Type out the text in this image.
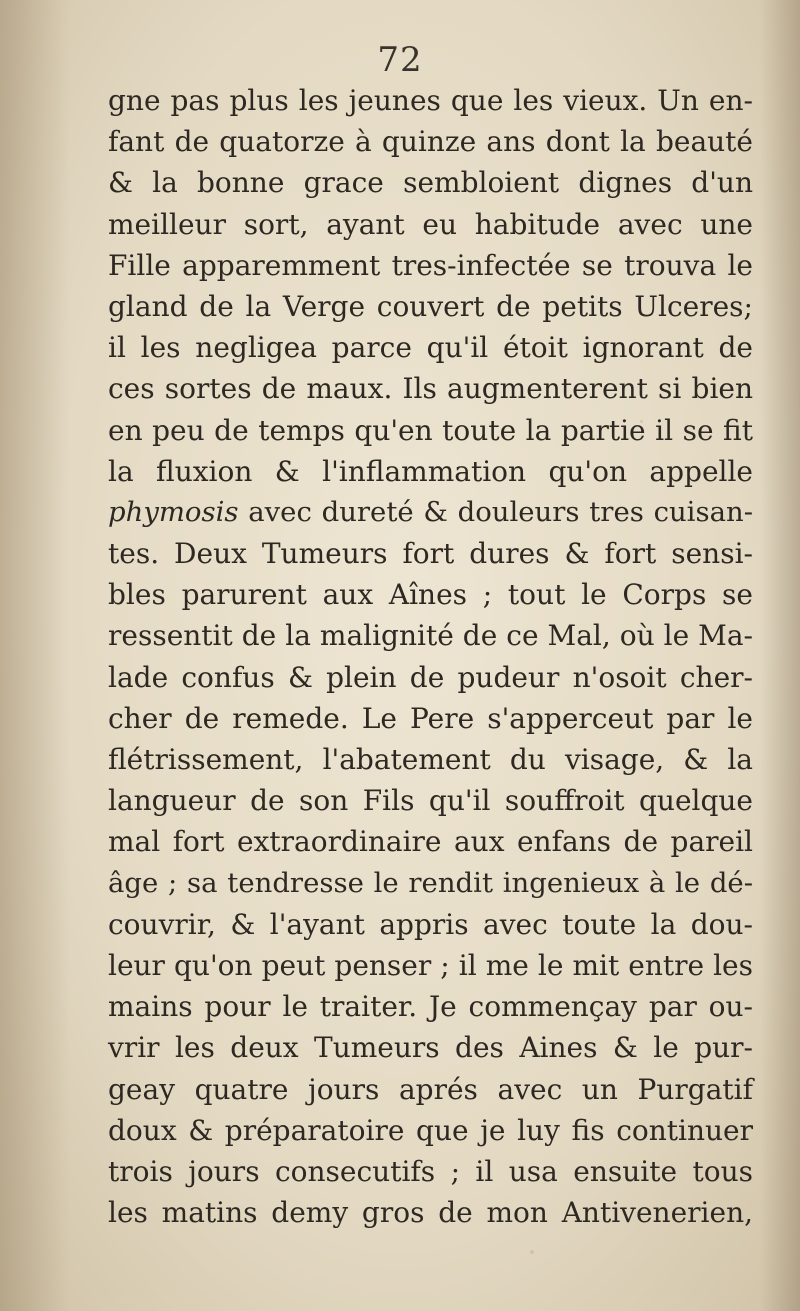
72
gne pas plus les jeunes que les vieux. Un en-
fant de quatorze à quinze ans dont la beauté
& la bonne grace sembloient dignes d'un
meilleur sort, ayant eu habitude avec une
Fille apparemment tres-infectée se trouva le
gland de la Verge couvert de petits Ulceres;
il les negligea parce qu'il étoit ignorant de
ces sortes de maux. Ils augmenterent si bien
en peu de temps qu'en toute la partie il se fit
la fluxion & l'inflammation qu'on appelle
phymosis avec dureté & douleurs tres cuisan-
tes. Deux Tumeurs fort dures & fort sensi-
bles parurent aux Aînes ; tout le Corps se
ressentit de la malignité de ce Mal, où le Ma-
lade confus & plein de pudeur n'osoit cher-
cher de remede. Le Pere s'apperceut par le
flétrissement, l'abatement du visage, & la
langueur de son Fils qu'il souffroit quelque
mal fort extraordinaire aux enfans de pareil
âge ; sa tendresse le rendit ingenieux à le dé-
couvrir, & l'ayant appris avec toute la dou-
leur qu'on peut penser ; il me le mit entre les
mains pour le traiter. Je commençay par ou-
vrir les deux Tumeurs des Aines & le pur-
geay quatre jours aprés avec un Purgatif
doux & préparatoire que je luy fis continuer
trois jours consecutifs ; il usa ensuite tous
les matins demy gros de mon Antivenerien,
